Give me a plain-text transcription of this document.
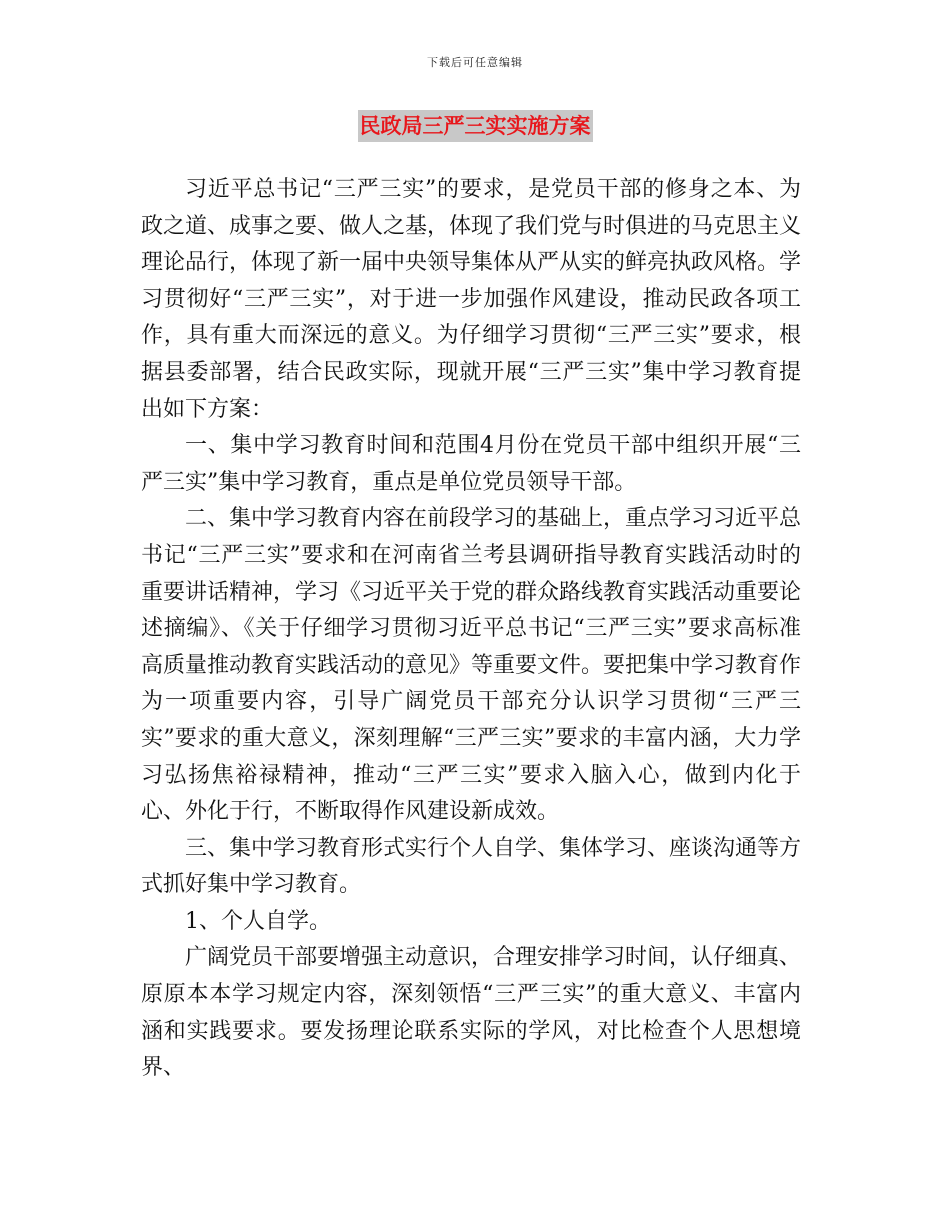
下载后可任意编辑
民政局三严三实实施方案

习近平总书记“三严三实”的要求，是党员干部的修身之本、为政之道、成事之要、做人之基，体现了我们党与时俱进的马克思主义理论品行，体现了新一届中央领导集体从严从实的鲜亮执政风格。学习贯彻好“三严三实”，对于进一步加强作风建设，推动民政各项工作，具有重大而深远的意义。为仔细学习贯彻“三严三实”要求，根据县委部署，结合民政实际，现就开展“三严三实”集中学习教育提出如下方案：

一、集中学习教育时间和范围4月份在党员干部中组织开展“三严三实”集中学习教育，重点是单位党员领导干部。

二、集中学习教育内容在前段学习的基础上，重点学习习近平总书记“三严三实”要求和在河南省兰考县调研指导教育实践活动时的重要讲话精神，学习《习近平关于党的群众路线教育实践活动重要论述摘编》、《关于仔细学习贯彻习近平总书记“三严三实”要求高标准高质量推动教育实践活动的意见》等重要文件。要把集中学习教育作为一项重要内容，引导广阔党员干部充分认识学习贯彻“三严三实”要求的重大意义，深刻理解“三严三实”要求的丰富内涵，大力学习弘扬焦裕禄精神，推动“三严三实”要求入脑入心，做到内化于心、外化于行，不断取得作风建设新成效。

三、集中学习教育形式实行个人自学、集体学习、座谈沟通等方式抓好集中学习教育。

1、个人自学。

广阔党员干部要增强主动意识，合理安排学习时间，认仔细真、原原本本学习规定内容，深刻领悟“三严三实”的重大意义、丰富内涵和实践要求。要发扬理论联系实际的学风，对比检查个人思想境界、
